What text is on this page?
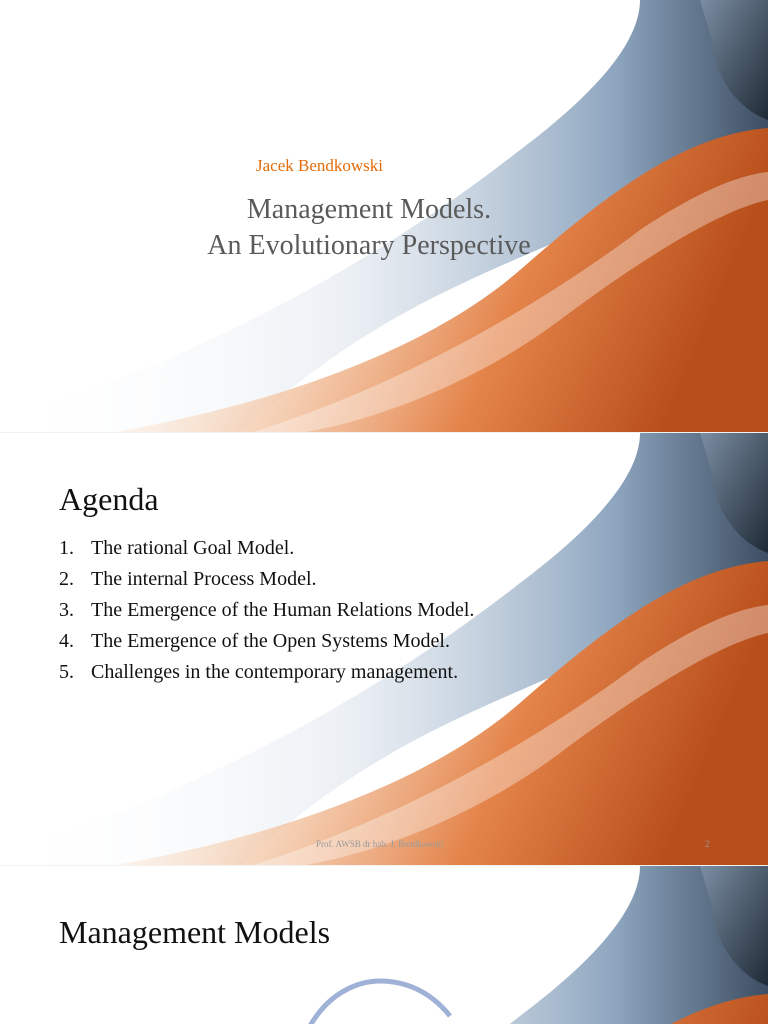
Jacek Bendkowski
Management Models.
An Evolutionary Perspective
Agenda
1. The rational Goal Model.
2. The internal Process Model.
3. The Emergence of the Human Relations Model.
4. The Emergence of the Open Systems Model.
5. Challenges in the contemporary management.
Prof. AWSB dr hab. J. Bendkowski	2
Management Models
